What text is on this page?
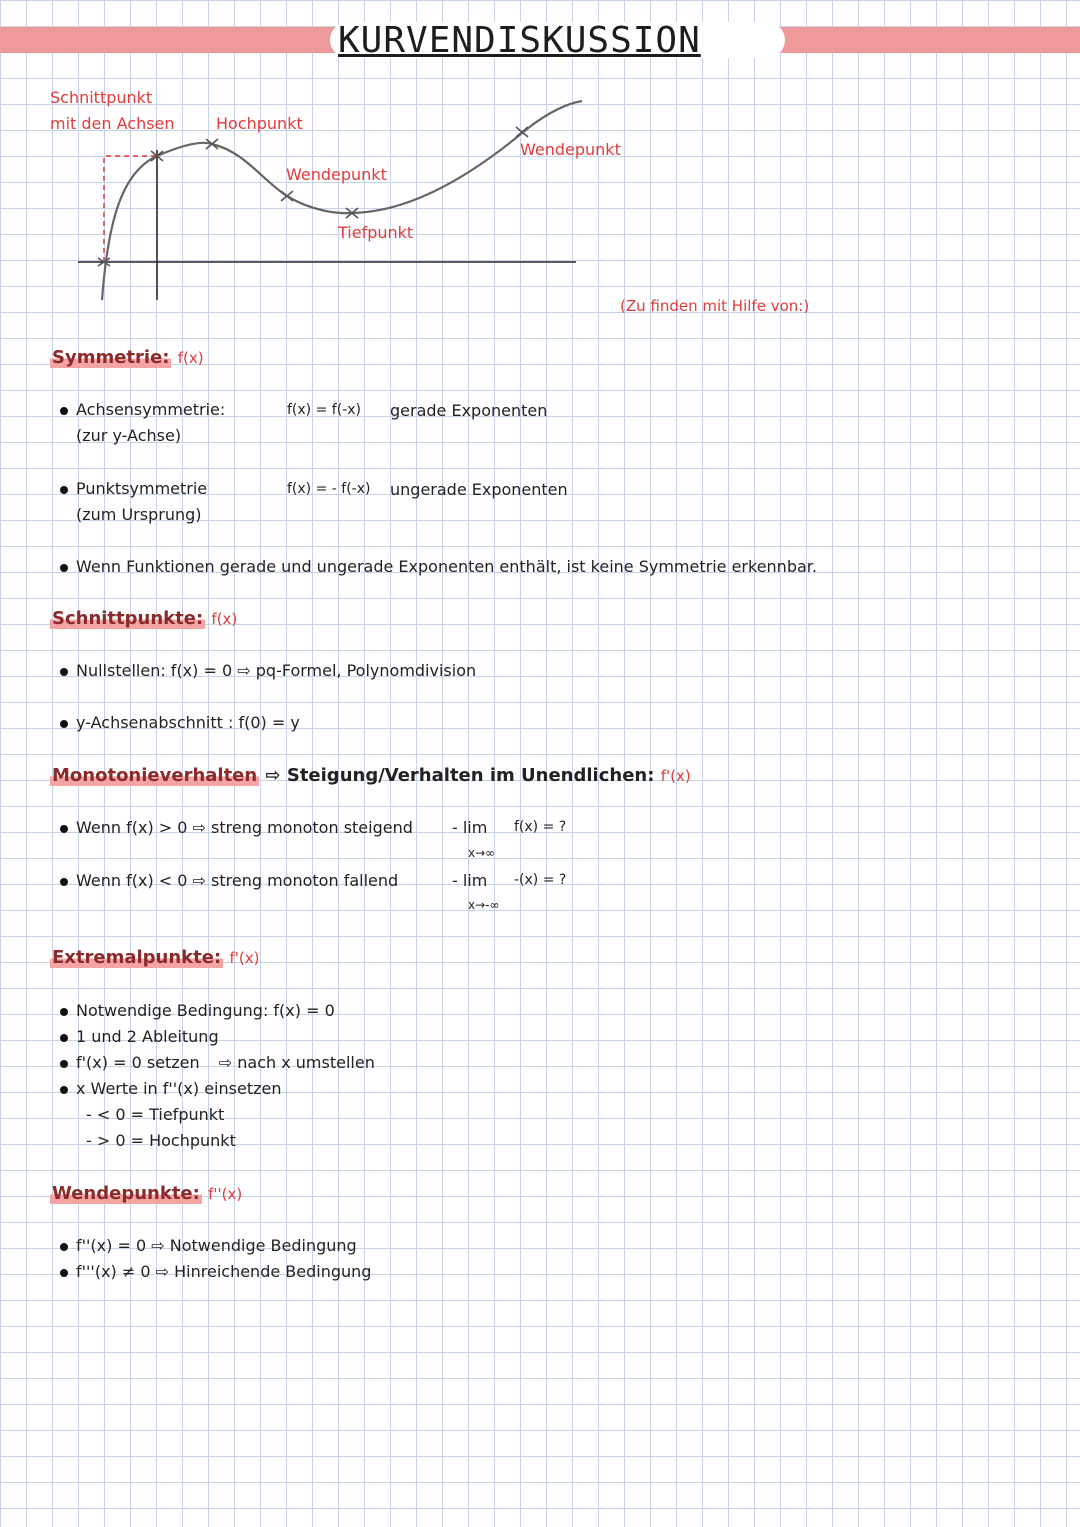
KURVENDISKUSSION
Schnittpunkt
mit den Achsen	Hochpunkt
Wendepunkt
Tiefpunkt
Wendepunkt
(Zu finden mit Hilfe von:)
Symmetrie: f(x)
Achsensymmetrie:
(zur y-Achse)
f(x) = f(-x) gerade Exponenten
Punktsymmetrie
(zum Ursprung)
f(x) = - f(-x) ungerade Exponenten
Wenn Funktionen gerade und ungerade Exponenten enthält, ist keine Symmetrie erkennbar.
Schnittpunkte: f(x)
Nullstellen: f(x) = 0 ⇨ pq-Formel, Polynomdivision
y-Achsenabschnitt : f(0) = y
Monotonieverhalten ⇨ Steigung/Verhalten im Unendlichen: f'(x)
Wenn f(x) > 0 ⇨ streng monoton steigend
Wenn f(x) < 0 ⇨ streng monoton fallend
- lim f(x) = ?
x→∞
- lim -(x) = ?
x→-∞
Extremalpunkte: f'(x)
Notwendige Bedingung: f(x) = 0
1 und 2 Ableitung
f'(x) = 0 setzen ⇨ nach x umstellen
x Werte in f''(x) einsetzen
- < 0 = Tiefpunkt
- > 0 = Hochpunkt
Wendepunkte: f''(x)
f''(x) = 0 ⇨ Notwendige Bedingung
f'''(x) ≠ 0 ⇨ Hinreichende Bedingung
